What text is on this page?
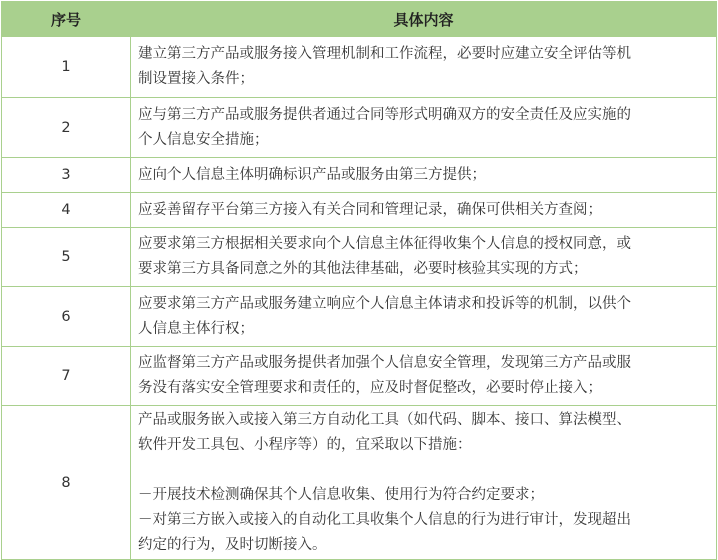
序号	具体内容
1	建立第三方产品或服务接入管理机制和工作流程，必要时应建立安全评估等机
制设置接入条件；

2	应与第三方产品或服务提供者通过合同等形式明确双方的安全责任及应实施的
个人信息安全措施；

3	应向个人信息主体明确标识产品或服务由第三方提供；

4	应妥善留存平台第三方接入有关合同和管理记录，确保可供相关方查阅；

5	应要求第三方根据相关要求向个人信息主体征得收集个人信息的授权同意，或
要求第三方具备同意之外的其他法律基础，必要时核验其实现的方式；

6	应要求第三方产品或服务建立响应个人信息主体请求和投诉等的机制，以供个
人信息主体行权；

7	应监督第三方产品或服务提供者加强个人信息安全管理，发现第三方产品或服
务没有落实安全管理要求和责任的，应及时督促整改，必要时停止接入；

8	产品或服务嵌入或接入第三方自动化工具（如代码、脚本、接口、算法模型、
软件开发工具包、小程序等）的，宜采取以下措施：
－开展技术检测确保其个人信息收集、使用行为符合约定要求；
－对第三方嵌入或接入的自动化工具收集个人信息的行为进行审计，发现超出
约定的行为，及时切断接入。
